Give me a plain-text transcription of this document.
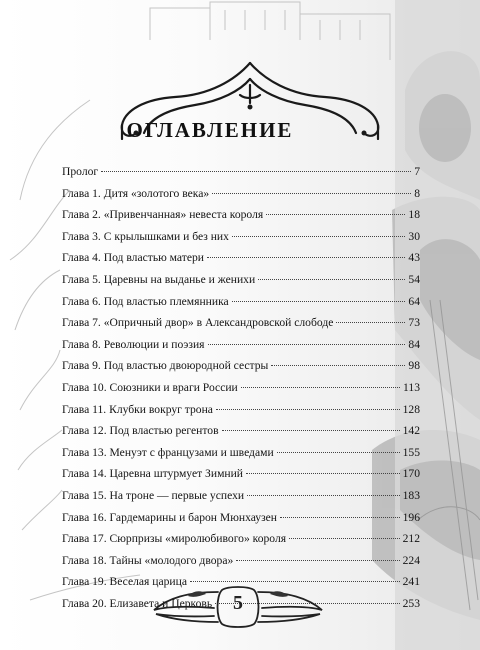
ОГЛАВЛЕНИЕ
Пролог	7
Глава 1. Дитя «золотого века»	8
Глава 2. «Привенчанная» невеста короля	18
Глава 3. С крылышками и без них	30
Глава 4. Под властью матери	43
Глава 5. Царевны на выданье и женихи	54
Глава 6. Под властью племянника	64
Глава 7. «Опричный двор» в Александровской слободе	73
Глава 8. Революции и поэзия	84
Глава 9. Под властью двоюродной сестры	98
Глава 10. Союзники и враги России	113
Глава 11. Клубки вокруг трона	128
Глава 12. Под властью регентов	142
Глава 13. Менуэт с французами и шведами	155
Глава 14. Царевна штурмует Зимний	170
Глава 15. На троне — первые успехи	183
Глава 16. Гардемарины и барон Мюнхаузен	196
Глава 17. Сюрпризы «миролюбивого» короля	212
Глава 18. Тайны «молодого двора»	224
Глава 19. Веселая царица	241
Глава 20. Елизавета и Церковь	253
5
